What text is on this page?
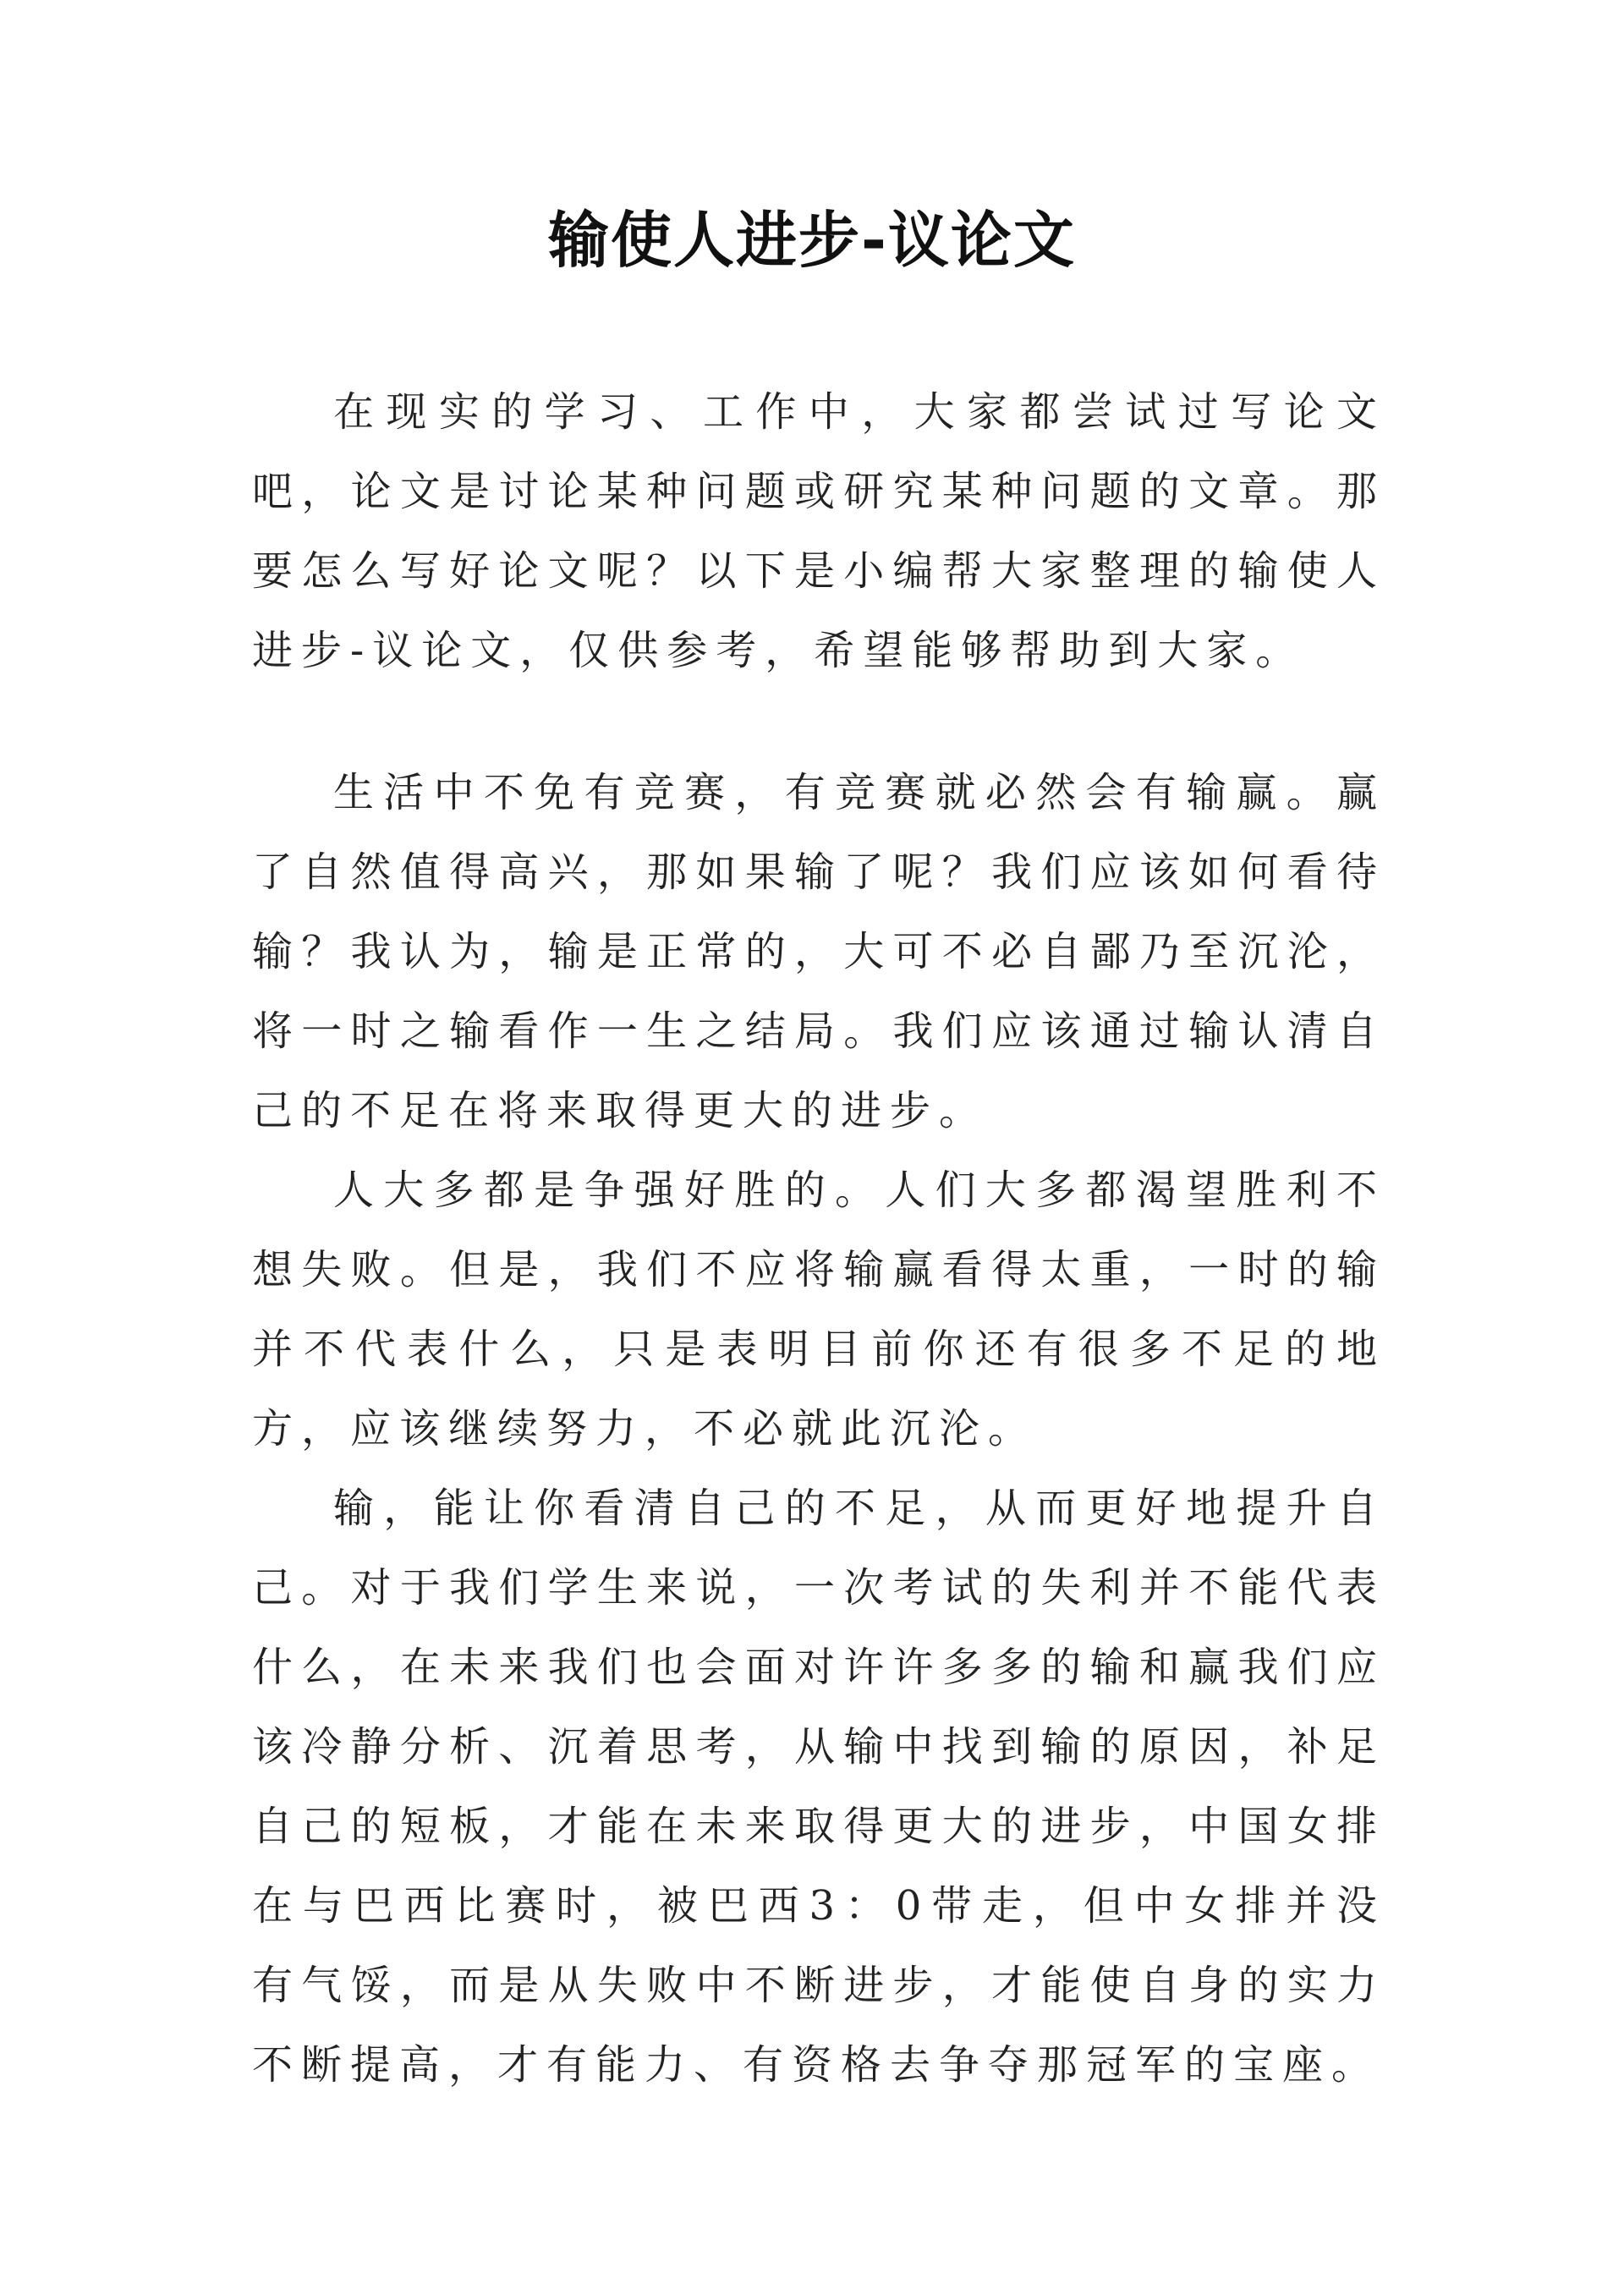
输使人进步-议论文

在现实的学习、工作中，大家都尝试过写论文吧，论文是讨论某种问题或研究某种问题的文章。那要怎么写好论文呢？以下是小编帮大家整理的输使人进步-议论文，仅供参考，希望能够帮助到大家。

生活中不免有竞赛，有竞赛就必然会有输赢。赢了自然值得高兴，那如果输了呢？我们应该如何看待输？我认为，输是正常的，大可不必自鄙乃至沉沦，将一时之输看作一生之结局。我们应该通过输认清自己的不足在将来取得更大的进步。

人大多都是争强好胜的。人们大多都渴望胜利不想失败。但是，我们不应将输赢看得太重，一时的输并不代表什么，只是表明目前你还有很多不足的地方，应该继续努力，不必就此沉沦。

输，能让你看清自己的不足，从而更好地提升自己。对于我们学生来说，一次考试的失利并不能代表什么，在未来我们也会面对许许多多的输和赢我们应该冷静分析、沉着思考，从输中找到输的原因，补足自己的短板，才能在未来取得更大的进步，中国女排在与巴西比赛时，被巴西3：0带走，但中女排并没有气馁，而是从失败中不断进步，才能使自身的实力不断提高，才有能力、有资格去争夺那冠军的宝座。
